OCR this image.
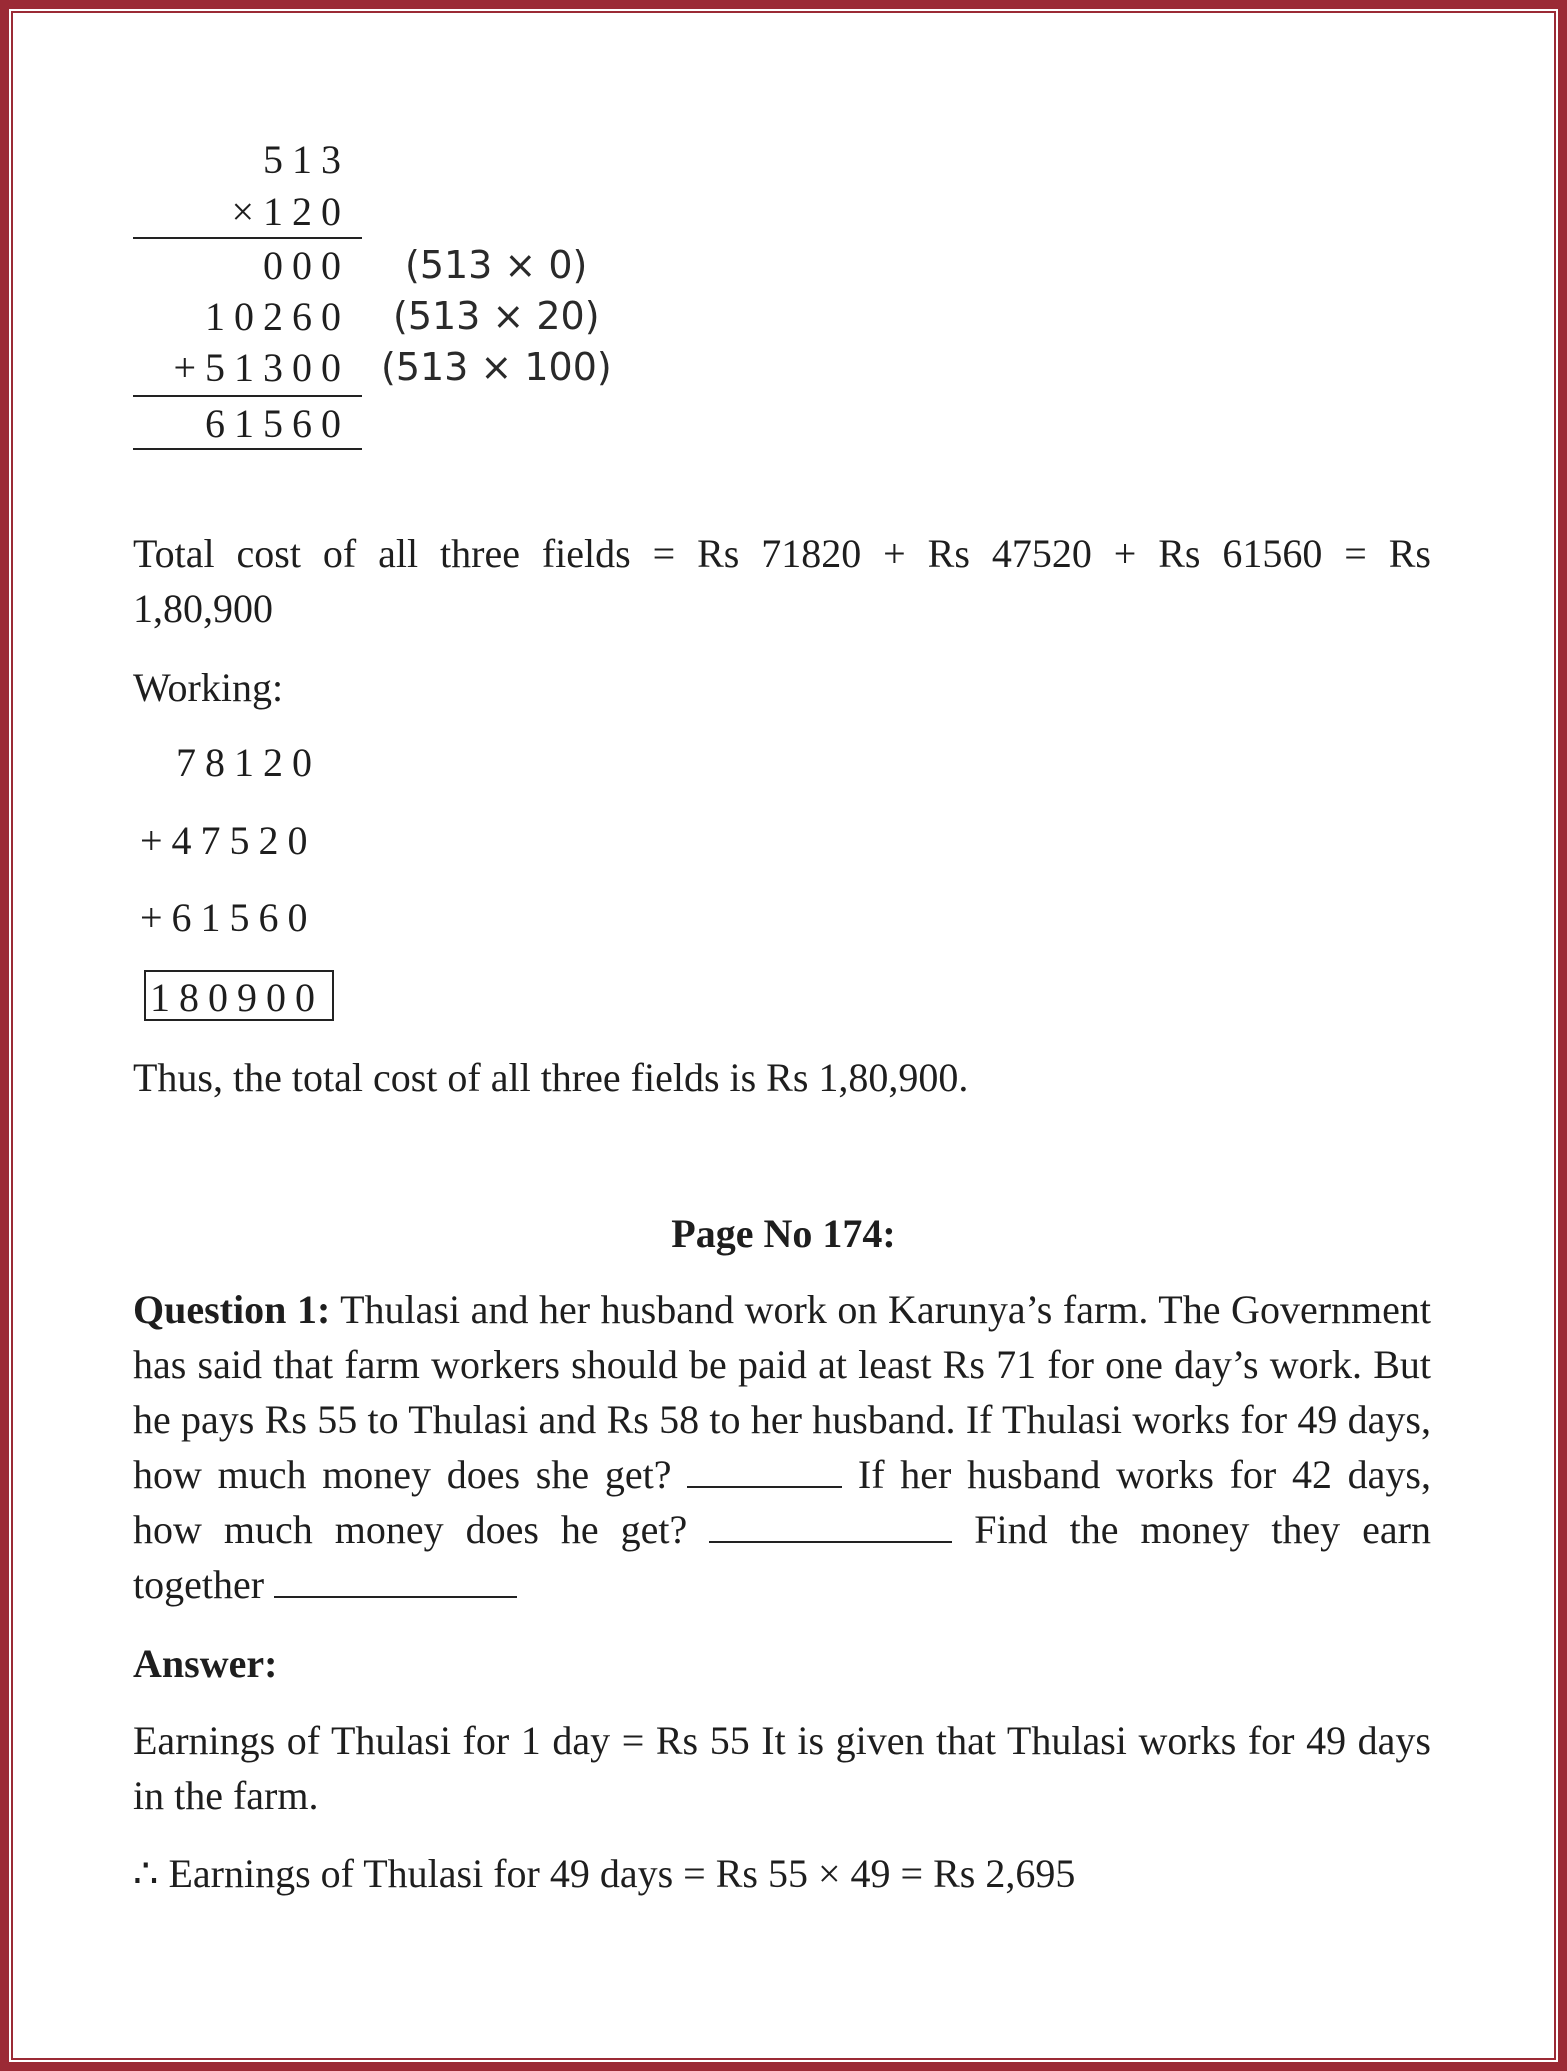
513
×120
000
10260
+51300
61560
(513 × 0)
(513 × 20)
(513 × 100)
Total cost of all three fields = Rs 71820 + Rs 47520 + Rs 61560 = Rs
1,80,900
Working:
78120
+47520
+61560
180900
Thus, the total cost of all three fields is Rs 1,80,900.
Page No 174:
Question 1: Thulasi and her husband work on Karunya’s farm. The Government has said that farm workers should be paid at least Rs 71 for one day’s work. But he pays Rs 55 to Thulasi and Rs 58 to her husband. If Thulasi works for 49 days, how much money does she get?	If her husband works for 42 days, how much money does he get?	Find the money they earn together
Answer:
Earnings of Thulasi for 1 day = Rs 55 It is given that Thulasi works for 49 days in the farm.
∴ Earnings of Thulasi for 49 days = Rs 55 × 49 = Rs 2,695
